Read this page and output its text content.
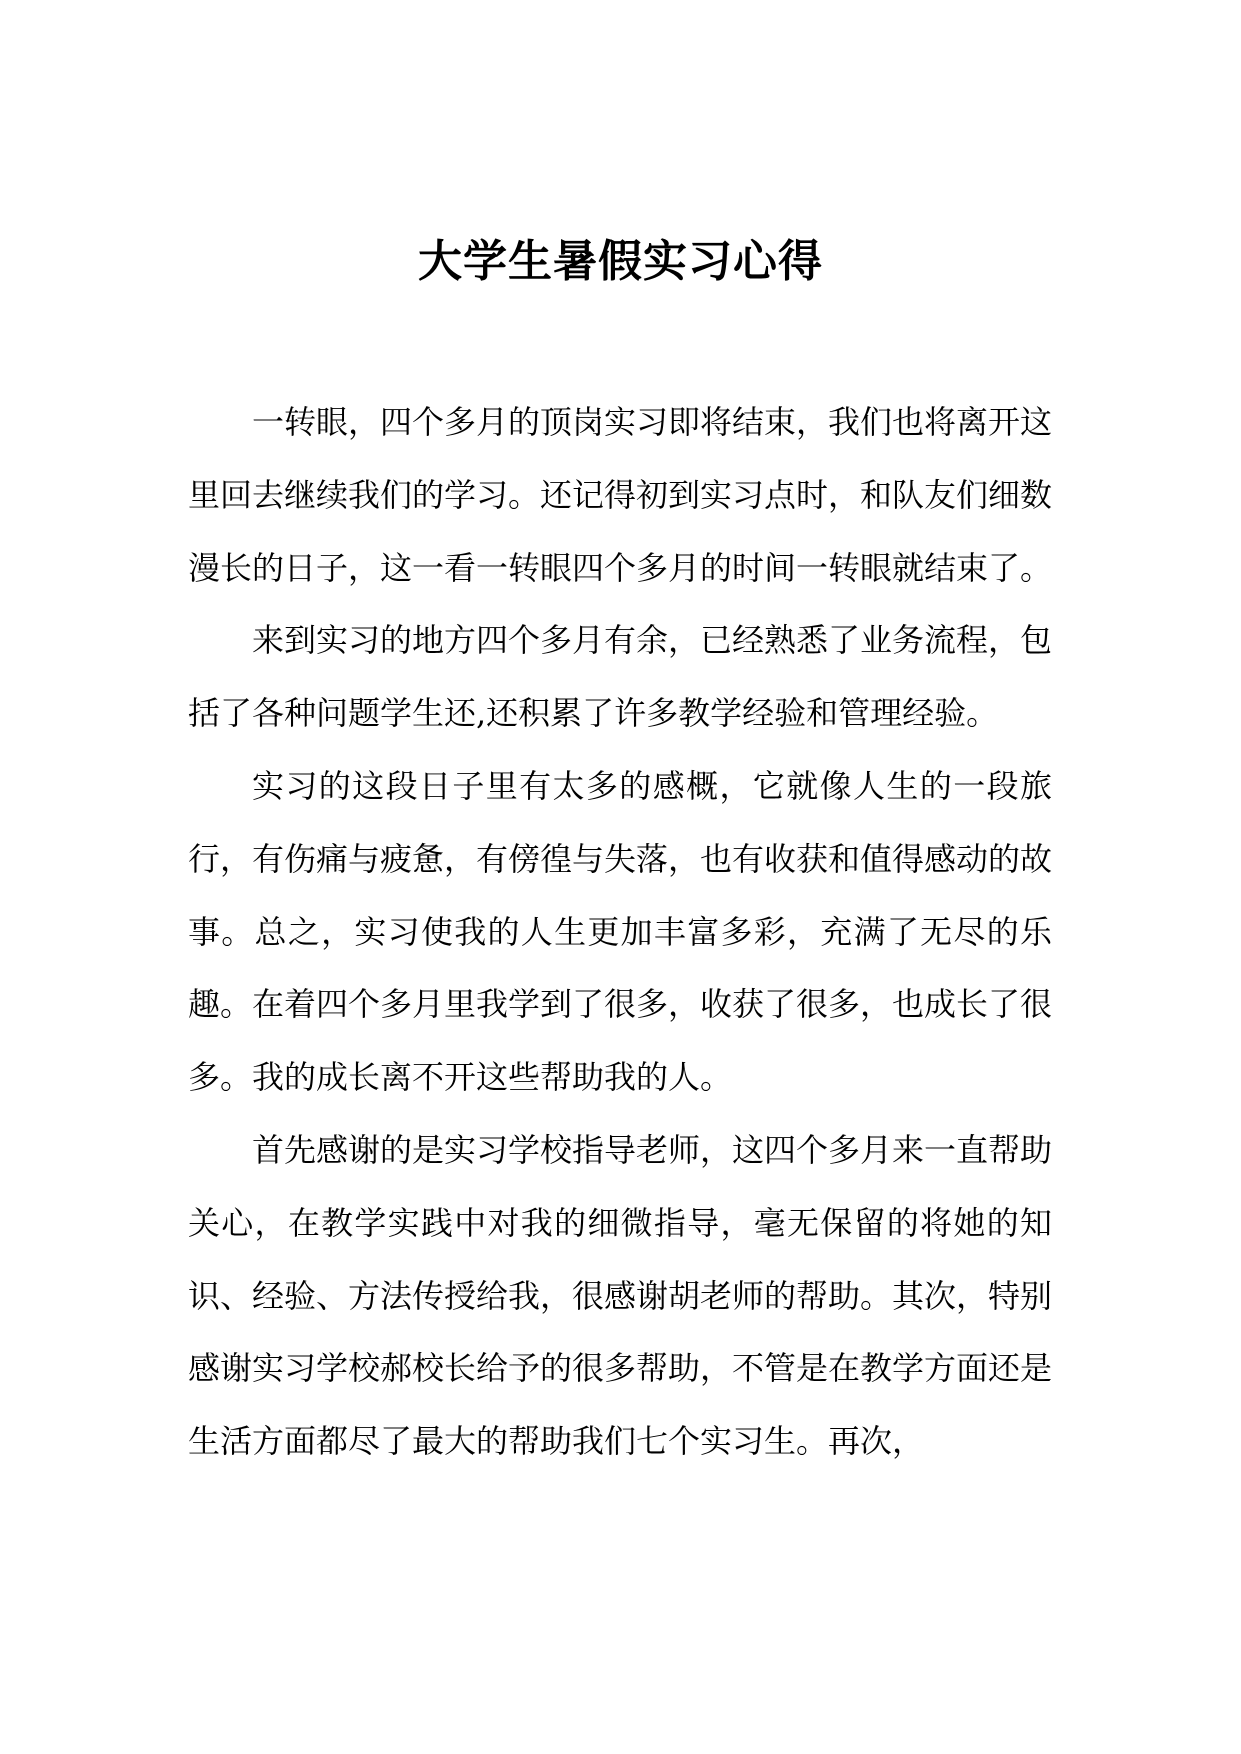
大学生暑假实习心得

一转眼，四个多月的顶岗实习即将结束，我们也将离开这里回去继续我们的学习。还记得初到实习点时，和队友们细数漫长的日子，这一看一转眼四个多月的时间一转眼就结束了。

来到实习的地方四个多月有余，已经熟悉了业务流程，包括了各种问题学生还,还积累了许多教学经验和管理经验。

实习的这段日子里有太多的感概，它就像人生的一段旅行，有伤痛与疲惫，有傍徨与失落，也有收获和值得感动的故事。总之，实习使我的人生更加丰富多彩，充满了无尽的乐趣。在着四个多月里我学到了很多，收获了很多，也成长了很多。我的成长离不开这些帮助我的人。

首先感谢的是实习学校指导老师，这四个多月来一直帮助关心，在教学实践中对我的细微指导，毫无保留的将她的知识、经验、方法传授给我，很感谢胡老师的帮助。其次，特别感谢实习学校郝校长给予的很多帮助，不管是在教学方面还是生活方面都尽了最大的帮助我们七个实习生。再次，
